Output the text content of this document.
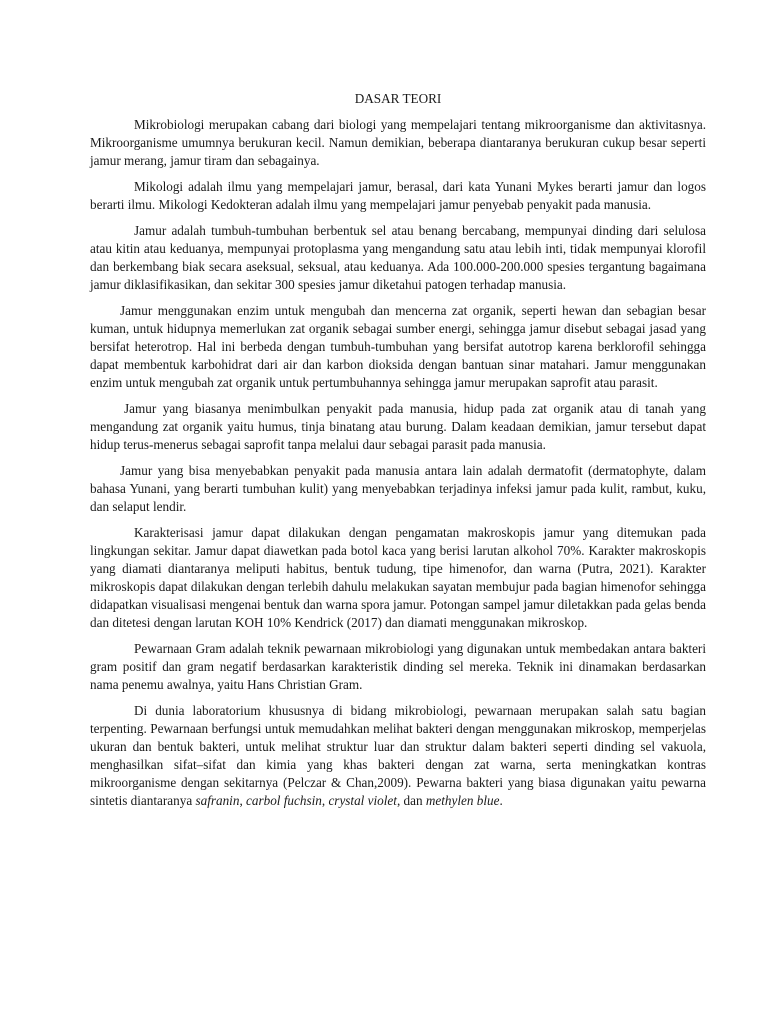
DASAR TEORI

Mikrobiologi merupakan cabang dari biologi yang mempelajari tentang mikroorganisme dan aktivitasnya. Mikroorganisme umumnya berukuran kecil. Namun demikian, beberapa diantaranya berukuran cukup besar seperti jamur merang, jamur tiram dan sebagainya.

Mikologi adalah ilmu yang mempelajari jamur, berasal, dari kata Yunani Mykes berarti jamur dan logos berarti ilmu. Mikologi Kedokteran adalah ilmu yang mempelajari jamur penyebab penyakit pada manusia.

Jamur adalah tumbuh-tumbuhan berbentuk sel atau benang bercabang, mempunyai dinding dari selulosa atau kitin atau keduanya, mempunyai protoplasma yang mengandung satu atau lebih inti, tidak mempunyai klorofil dan berkembang biak secara aseksual, seksual, atau keduanya. Ada 100.000-200.000 spesies tergantung bagaimana jamur diklasifikasikan, dan sekitar 300 spesies jamur diketahui patogen terhadap manusia.

Jamur menggunakan enzim untuk mengubah dan mencerna zat organik, seperti hewan dan sebagian besar kuman, untuk hidupnya memerlukan zat organik sebagai sumber energi, sehingga jamur disebut sebagai jasad yang bersifat heterotrop. Hal ini berbeda dengan tumbuh-tumbuhan yang bersifat autotrop karena berklorofil sehingga dapat membentuk karbohidrat dari air dan karbon dioksida dengan bantuan sinar matahari. Jamur menggunakan enzim untuk mengubah zat organik untuk pertumbuhannya sehingga jamur merupakan saprofit atau parasit.

Jamur yang biasanya menimbulkan penyakit pada manusia, hidup pada zat organik atau di tanah yang mengandung zat organik yaitu humus, tinja binatang atau burung. Dalam keadaan demikian, jamur tersebut dapat hidup terus-menerus sebagai saprofit tanpa melalui daur sebagai parasit pada manusia.

Jamur yang bisa menyebabkan penyakit pada manusia antara lain adalah dermatofit (dermatophyte, dalam bahasa Yunani, yang berarti tumbuhan kulit) yang menyebabkan terjadinya infeksi jamur pada kulit, rambut, kuku, dan selaput lendir.

Karakterisasi jamur dapat dilakukan dengan pengamatan makroskopis jamur yang ditemukan pada lingkungan sekitar. Jamur dapat diawetkan pada botol kaca yang berisi larutan alkohol 70%. Karakter makroskopis yang diamati diantaranya meliputi habitus, bentuk tudung, tipe himenofor, dan warna (Putra, 2021). Karakter mikroskopis dapat dilakukan dengan terlebih dahulu melakukan sayatan membujur pada bagian himenofor sehingga didapatkan visualisasi mengenai bentuk dan warna spora jamur. Potongan sampel jamur diletakkan pada gelas benda dan ditetesi dengan larutan KOH 10% Kendrick (2017) dan diamati menggunakan mikroskop.

Pewarnaan Gram adalah teknik pewarnaan mikrobiologi yang digunakan untuk membedakan antara bakteri gram positif dan gram negatif berdasarkan karakteristik dinding sel mereka. Teknik ini dinamakan berdasarkan nama penemu awalnya, yaitu Hans Christian Gram.

Di dunia laboratorium khususnya di bidang mikrobiologi, pewarnaan merupakan salah satu bagian terpenting. Pewarnaan berfungsi untuk memudahkan melihat bakteri dengan menggunakan mikroskop, memperjelas ukuran dan bentuk bakteri, untuk melihat struktur luar dan struktur dalam bakteri seperti dinding sel vakuola, menghasilkan sifat–sifat dan kimia yang khas bakteri dengan zat warna, serta meningkatkan kontras mikroorganisme dengan sekitarnya (Pelczar & Chan,2009). Pewarna bakteri yang biasa digunakan yaitu pewarna sintetis diantaranya safranin, carbol fuchsin, crystal violet, dan methylen blue.
